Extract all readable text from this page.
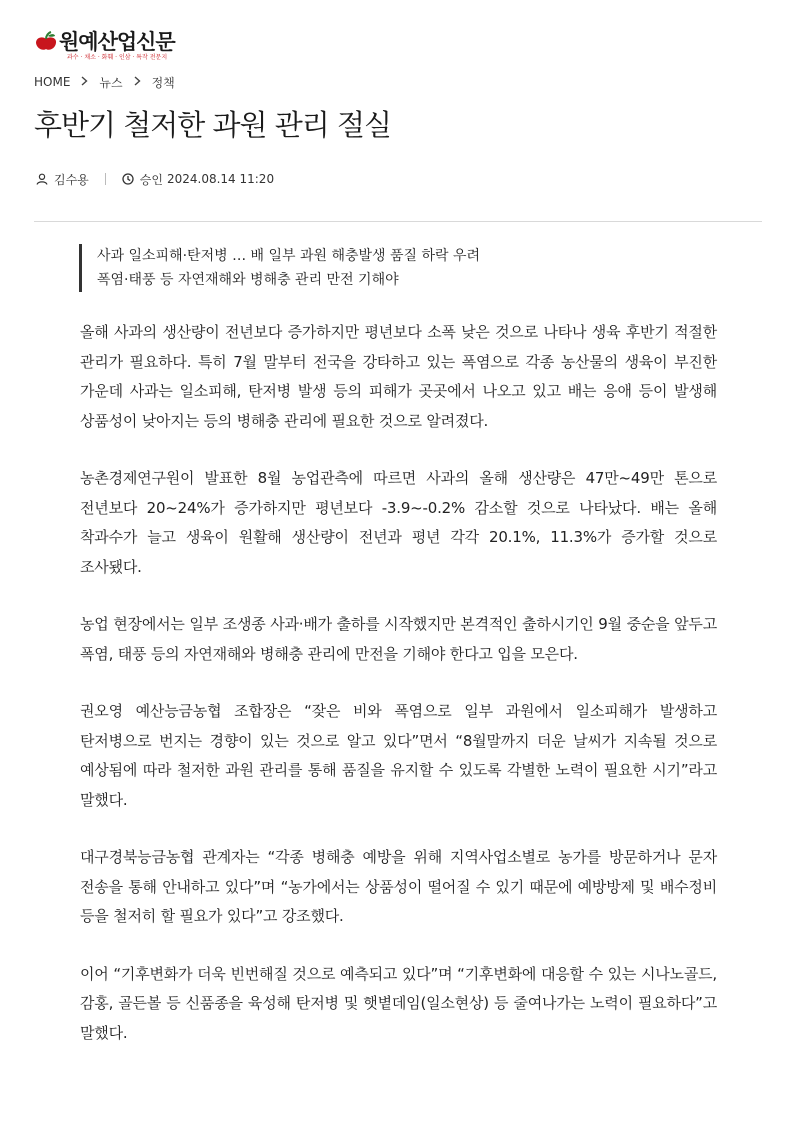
원예산업신문
과수 · 채소 · 화훼 · 인삼 · 특작 전문지
HOME 뉴스 정책
후반기 철저한 과원 관리 절실
김수용	승인 2024.08.14 11:20
사과 일소피해·탄저병 … 배 일부 과원 해충발생 품질 하락 우려
폭염·태풍 등 자연재해와 병해충 관리 만전 기해야

올해 사과의 생산량이 전년보다 증가하지만 평년보다 소폭 낮은 것으로 나타나 생육 후반기 적절한 관리가 필요하다. 특히 7월 말부터 전국을 강타하고 있는 폭염으로 각종 농산물의 생육이 부진한 가운데 사과는 일소피해, 탄저병 발생 등의 피해가 곳곳에서 나오고 있고 배는 응애 등이 발생해 상품성이 낮아지는 등의 병해충 관리에 필요한 것으로 알려졌다.

농촌경제연구원이 발표한 8월 농업관측에 따르면 사과의 올해 생산량은 47만~49만 톤으로 전년보다 20~24%가 증가하지만 평년보다 -3.9~-0.2% 감소할 것으로 나타났다. 배는 올해 착과수가 늘고 생육이 원활해 생산량이 전년과 평년 각각 20.1%, 11.3%가 증가할 것으로 조사됐다.

농업 현장에서는 일부 조생종 사과·배가 출하를 시작했지만 본격적인 출하시기인 9월 중순을 앞두고 폭염, 태풍 등의 자연재해와 병해충 관리에 만전을 기해야 한다고 입을 모은다.

권오영 예산능금농협 조합장은 “잦은 비와 폭염으로 일부 과원에서 일소피해가 발생하고 탄저병으로 번지는 경향이 있는 것으로 알고 있다”면서 “8월말까지 더운 날씨가 지속될 것으로 예상됨에 따라 철저한 과원 관리를 통해 품질을 유지할 수 있도록 각별한 노력이 필요한 시기”라고 말했다.

대구경북능금농협 관계자는 “각종 병해충 예방을 위해 지역사업소별로 농가를 방문하거나 문자 전송을 통해 안내하고 있다”며 “농가에서는 상품성이 떨어질 수 있기 때문에 예방방제 및 배수정비 등을 철저히 할 필요가 있다”고 강조했다.

이어 “기후변화가 더욱 빈번해질 것으로 예측되고 있다”며 “기후변화에 대응할 수 있는 시나노골드, 감홍, 골든볼 등 신품종을 육성해 탄저병 및 햇볕데임(일소현상) 등 줄여나가는 노력이 필요하다”고 말했다.
